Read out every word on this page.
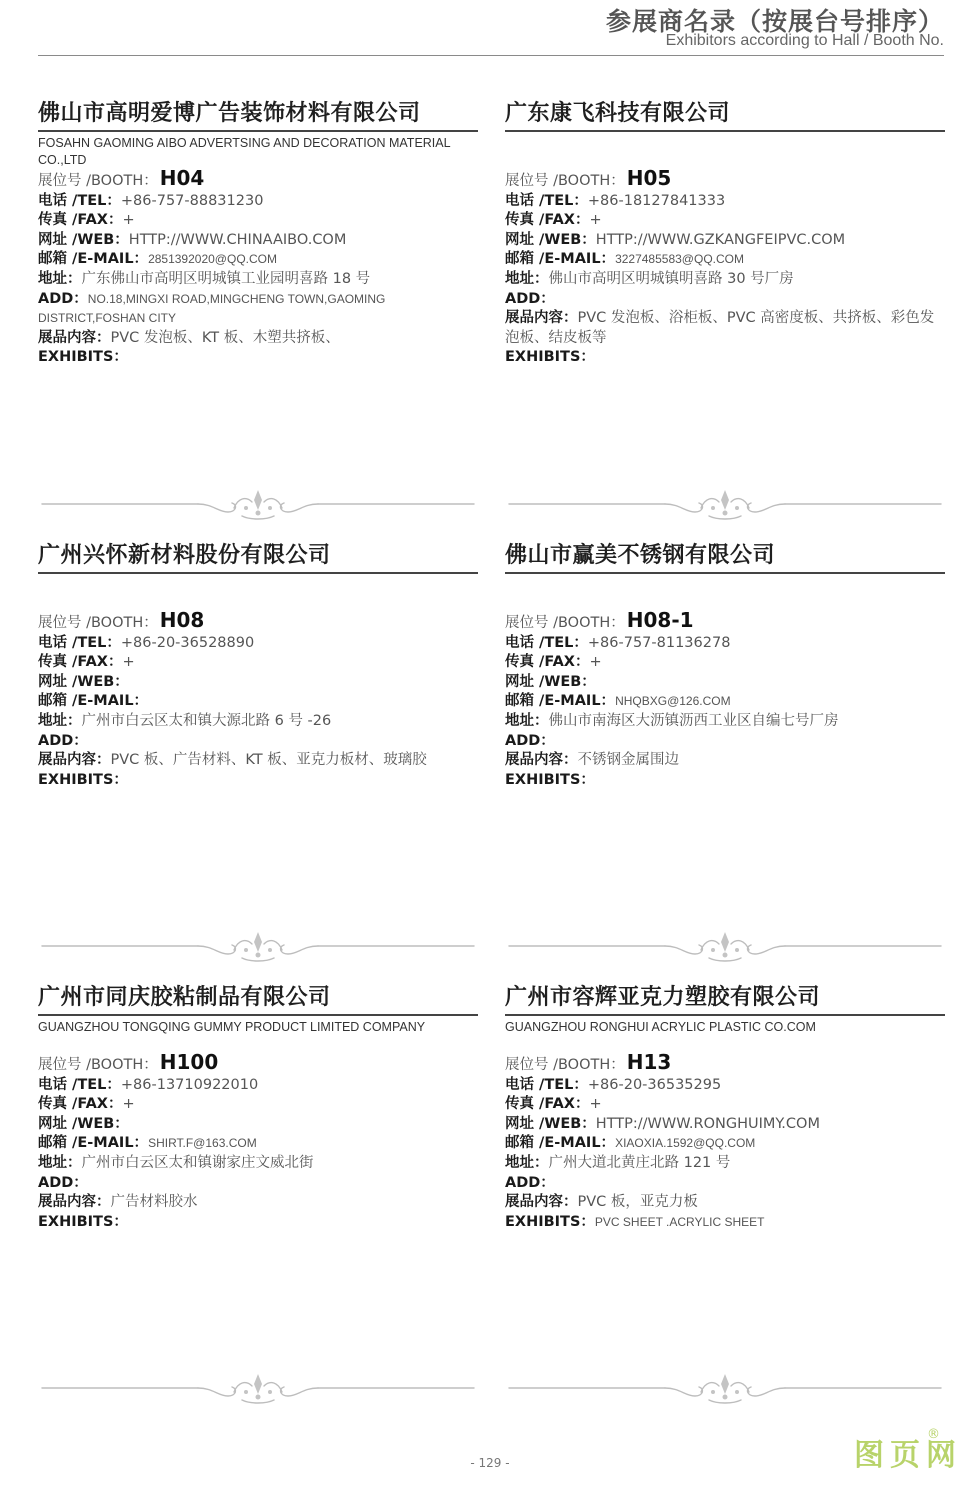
参展商名录（按展台号排序）
Exhibitors according to Hall / Booth No.
佛山市高明爱博广告装饰材料有限公司
FOSAHN GAOMING AIBO ADVERTSING AND DECORATION MATERIAL CO.,LTD
展位号 /BOOTH： H04
电话 /TEL：+86-757-88831230
传真 /FAX：+
网址 /WEB：HTTP://WWW.CHINAAIBO.COM
邮箱 /E-MAIL：2851392020@QQ.COM
地址：广东佛山市高明区明城镇工业园明喜路 18 号
ADD：NO.18,MINGXI ROAD,MINGCHENG TOWN,GAOMING DISTRICT,FOSHAN CITY
展品内容：PVC 发泡板、KT 板、木塑共挤板、
EXHIBITS：
广东康飞科技有限公司
展位号 /BOOTH： H05
电话 /TEL：+86-18127841333
传真 /FAX：+
网址 /WEB：HTTP://WWW.GZKANGFEIPVC.COM
邮箱 /E-MAIL：3227485583@QQ.COM
地址：佛山市高明区明城镇明喜路 30 号厂房
ADD：
展品内容：PVC 发泡板、浴柜板、PVC 高密度板、共挤板、彩色发泡板、结皮板等
EXHIBITS：
广州兴怀新材料股份有限公司
展位号 /BOOTH： H08
电话 /TEL：+86-20-36528890
传真 /FAX：+
网址 /WEB：
邮箱 /E-MAIL：
地址：广州市白云区太和镇大源北路 6 号 -26
ADD：
展品内容：PVC 板、广告材料、KT 板、亚克力板材、玻璃胶
EXHIBITS：
佛山市赢美不锈钢有限公司
展位号 /BOOTH： H08-1
电话 /TEL：+86-757-81136278
传真 /FAX：+
网址 /WEB：
邮箱 /E-MAIL：NHQBXG@126.COM
地址：佛山市南海区大沥镇沥西工业区自编七号厂房
ADD：
展品内容：不锈钢金属围边
EXHIBITS：
广州市同庆胶粘制品有限公司
GUANGZHOU TONGQING GUMMY PRODUCT LIMITED COMPANY
展位号 /BOOTH： H100
电话 /TEL：+86-13710922010
传真 /FAX：+
网址 /WEB：
邮箱 /E-MAIL：SHIRT.F@163.COM
地址：广州市白云区太和镇谢家庄文威北街
ADD：
展品内容：广告材料胶水
EXHIBITS：
广州市容辉亚克力塑胶有限公司
GUANGZHOU RONGHUI ACRYLIC PLASTIC CO.COM
展位号 /BOOTH： H13
电话 /TEL：+86-20-36535295
传真 /FAX：+
网址 /WEB：HTTP://WWW.RONGHUIMY.COM
邮箱 /E-MAIL：XIAOXIA.1592@QQ.COM
地址：广州大道北黄庄北路 121 号
ADD：
展品内容：PVC 板，亚克力板
EXHIBITS：PVC SHEET .ACRYLIC SHEET
- 129 -	图页网
®
